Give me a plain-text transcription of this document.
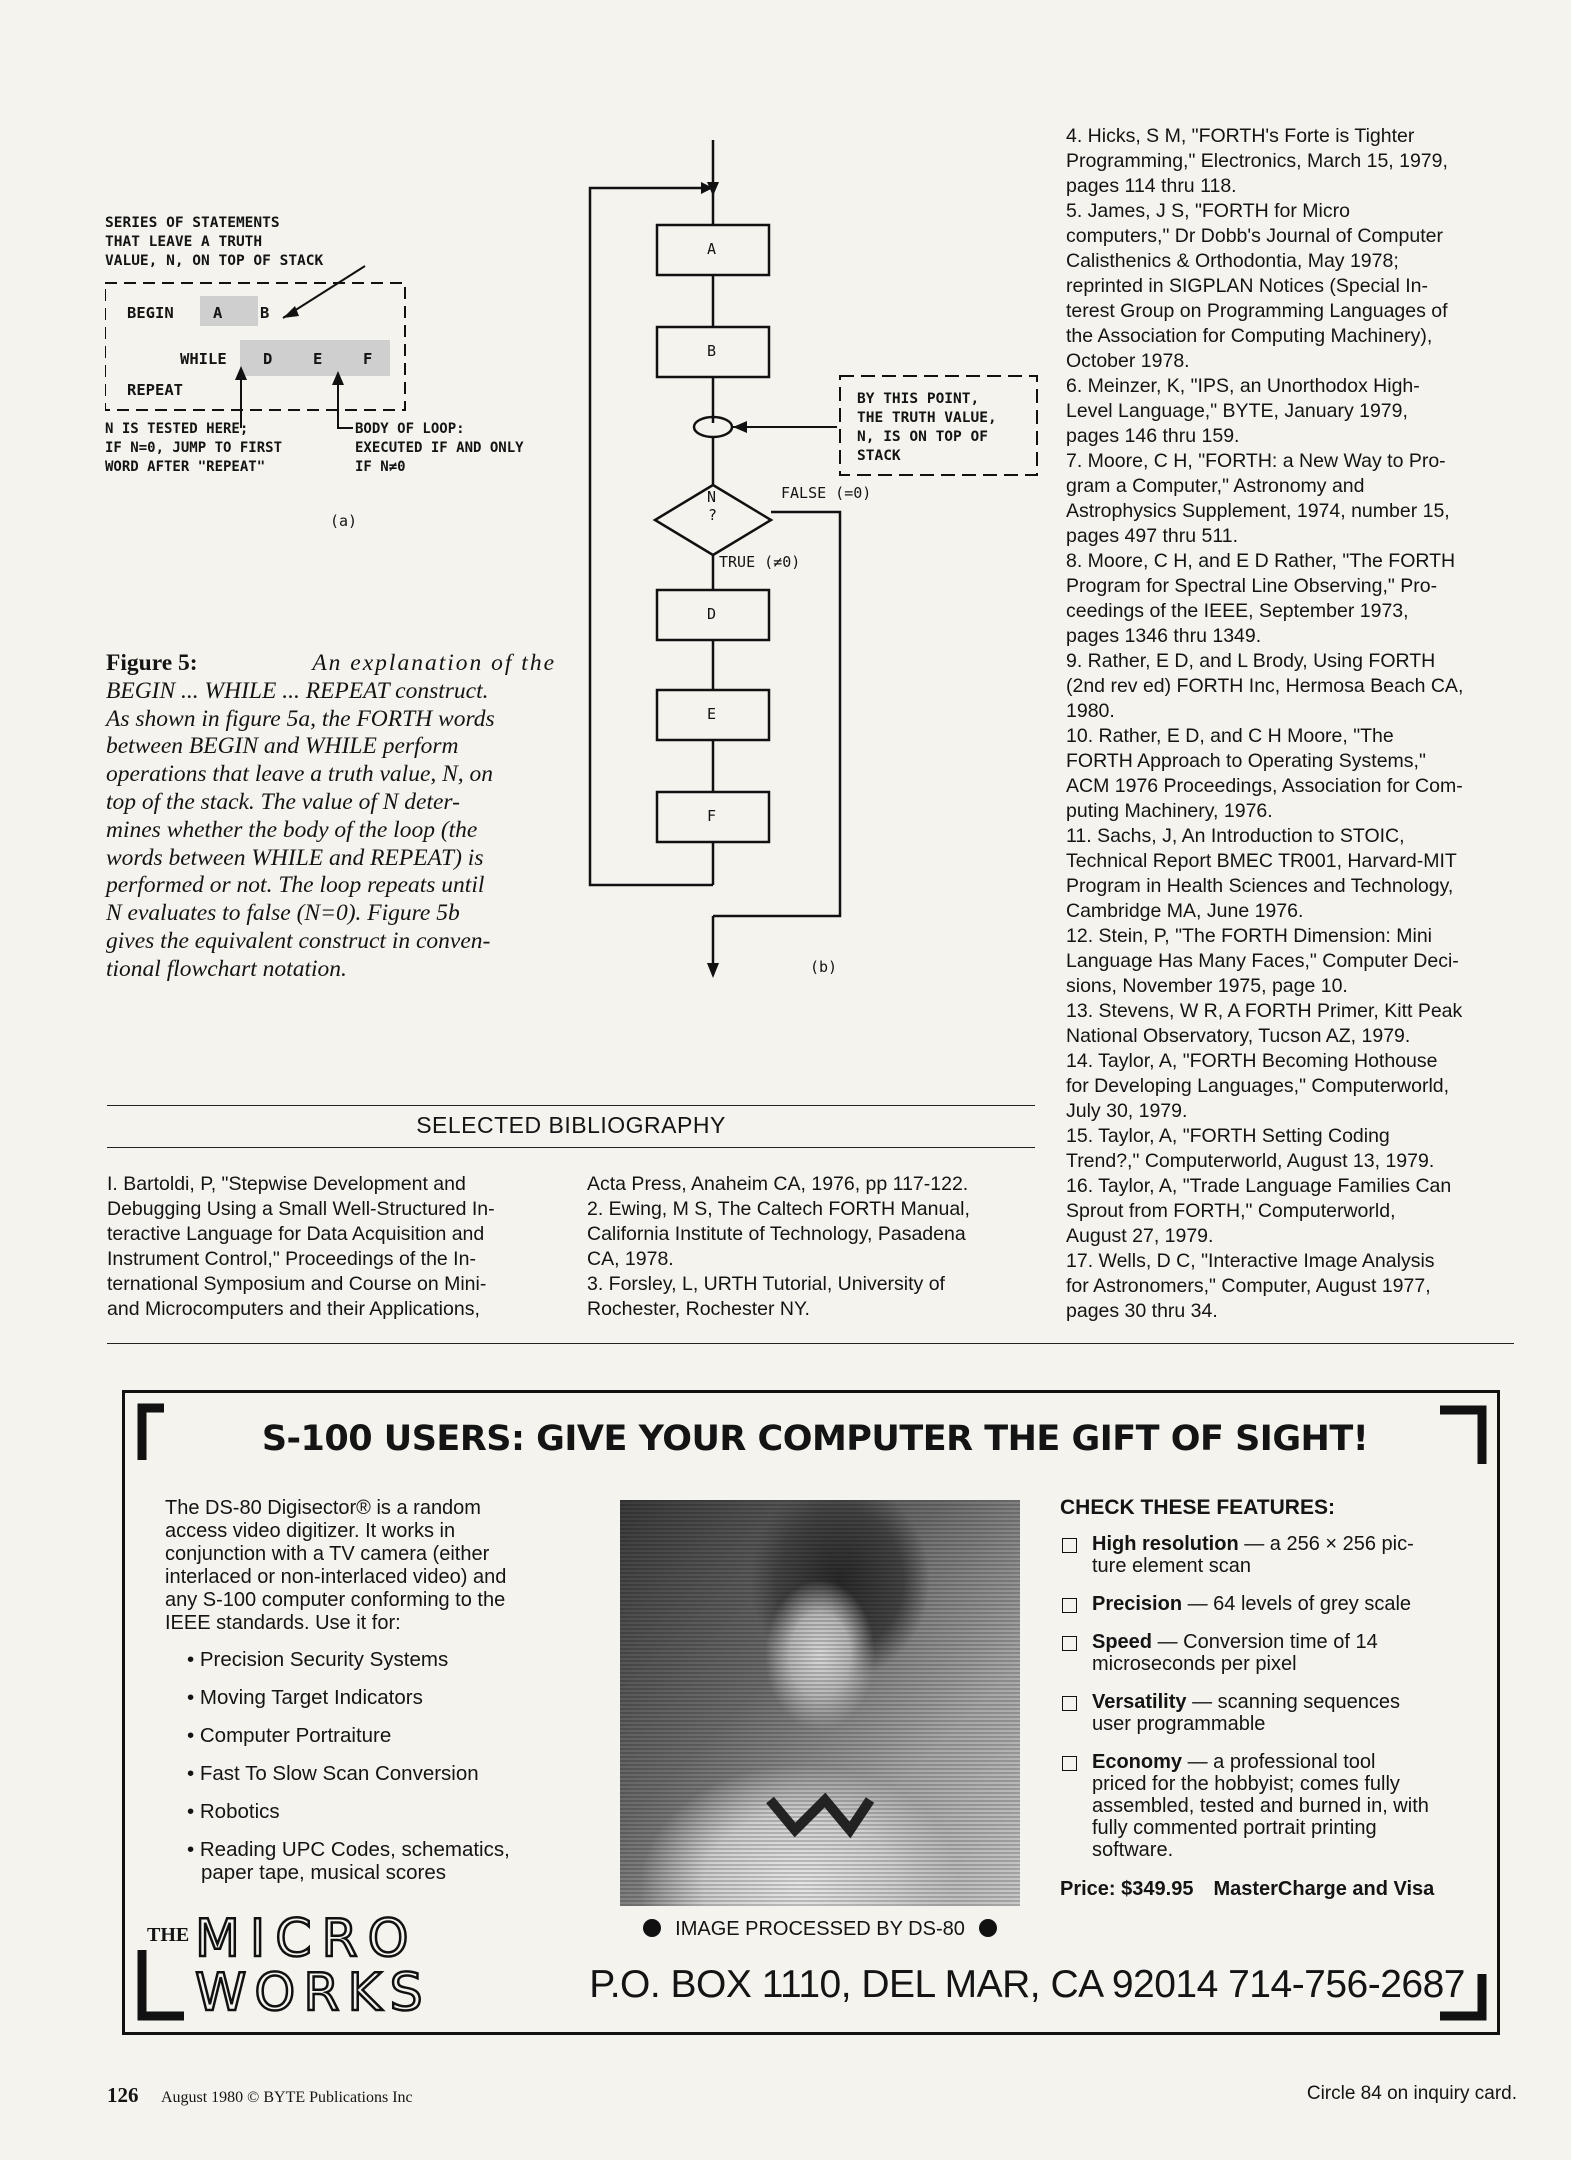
SERIES OF STATEMENTS
THAT LEAVE A TRUTH
VALUE, N, ON TOP OF STACK
BEGIN	A B
WHILE D	E	F
REPEAT
N IS TESTED HERE;
IF N=0, JUMP TO FIRST
WORD AFTER "REPEAT"
BODY OF LOOP:
EXECUTED IF AND ONLY
IF N≠0
(a)
A
B
N
?
D
E
F
FALSE (=0)
TRUE (≠0)
BY THIS POINT,
THE TRUTH VALUE,
N, IS ON TOP OF
STACK
(b)
Figure 5:	An explanation of the
BEGIN ... WHILE ... REPEAT construct.
As shown in figure 5a, the FORTH words
between BEGIN and WHILE perform
operations that leave a truth value, N, on
top of the stack. The value of N deter-
mines whether the body of the loop (the
words between WHILE and REPEAT) is
performed or not. The loop repeats until
N evaluates to false (N=0). Figure 5b
gives the equivalent construct in conven-
tional flowchart notation.
SELECTED BIBLIOGRAPHY

I. Bartoldi, P, "Stepwise Development and

Debugging Using a Small Well-Structured In-

teractive Language for Data Acquisition and

Instrument Control," Proceedings of the In-

ternational Symposium and Course on Mini-

and Microcomputers and their Applications,

Acta Press, Anaheim CA, 1976, pp 117-122.

2. Ewing, M S, The Caltech FORTH Manual,

California Institute of Technology, Pasadena

CA, 1978.

3. Forsley, L, URTH Tutorial, University of

Rochester, Rochester NY.

4. Hicks, S M, "FORTH's Forte is Tighter

Programming," Electronics, March 15, 1979,

pages 114 thru 118.

5. James, J S, "FORTH for Micro

computers," Dr Dobb's Journal of Computer

Calisthenics & Orthodontia, May 1978;

reprinted in SIGPLAN Notices (Special In-

terest Group on Programming Languages of

the Association for Computing Machinery),

October 1978.

6. Meinzer, K, "IPS, an Unorthodox High-

Level Language," BYTE, January 1979,

pages 146 thru 159.

7. Moore, C H, "FORTH: a New Way to Pro-

gram a Computer," Astronomy and

Astrophysics Supplement, 1974, number 15,

pages 497 thru 511.

8. Moore, C H, and E D Rather, "The FORTH

Program for Spectral Line Observing," Pro-

ceedings of the IEEE, September 1973,

pages 1346 thru 1349.

9. Rather, E D, and L Brody, Using FORTH

(2nd rev ed) FORTH Inc, Hermosa Beach CA,

1980.

10. Rather, E D, and C H Moore, "The

FORTH Approach to Operating Systems,"

ACM 1976 Proceedings, Association for Com-

puting Machinery, 1976.

11. Sachs, J, An Introduction to STOIC,

Technical Report BMEC TR001, Harvard-MIT

Program in Health Sciences and Technology,

Cambridge MA, June 1976.

12. Stein, P, "The FORTH Dimension: Mini

Language Has Many Faces," Computer Deci-

sions, November 1975, page 10.

13. Stevens, W R, A FORTH Primer, Kitt Peak

National Observatory, Tucson AZ, 1979.

14. Taylor, A, "FORTH Becoming Hothouse

for Developing Languages," Computerworld,

July 30, 1979.

15. Taylor, A, "FORTH Setting Coding

Trend?," Computerworld, August 13, 1979.

16. Taylor, A, "Trade Language Families Can

Sprout from FORTH," Computerworld,

August 27, 1979.

17. Wells, D C, "Interactive Image Analysis

for Astronomers," Computer, August 1977,

pages 30 thru 34.

S-100 USERS: GIVE YOUR COMPUTER THE GIFT OF SIGHT!
The DS-80 Digisector® is a random
access video digitizer. It works in
conjunction with a TV camera (either
interlaced or non-interlaced video) and
any S-100 computer conforming to the
IEEE standards. Use it for:
• Precision Security Systems
• Moving Target Indicators
• Computer Portraiture
• Fast To Slow Scan Conversion
• Robotics
• Reading UPC Codes, schematics,
paper tape, musical scores
IMAGE PROCESSED BY DS-80
CHECK THESE FEATURES:
High resolution — a 256 × 256 pic-
ture element scan
Precision — 64 levels of grey scale
Speed — Conversion time of 14
microseconds per pixel
Versatility — scanning sequences
user programmable
Economy — a professional tool
priced for the hobbyist; comes fully assembled, tested and burned in, with fully commented portrait printing software.
Price: $349.95 MasterCharge and Visa
THE MICRO
WORKS	P.O. BOX 1110, DEL MAR, CA 92014 714-756-2687
126 August 1980 © BYTE Publications Inc	Circle 84 on inquiry card.
